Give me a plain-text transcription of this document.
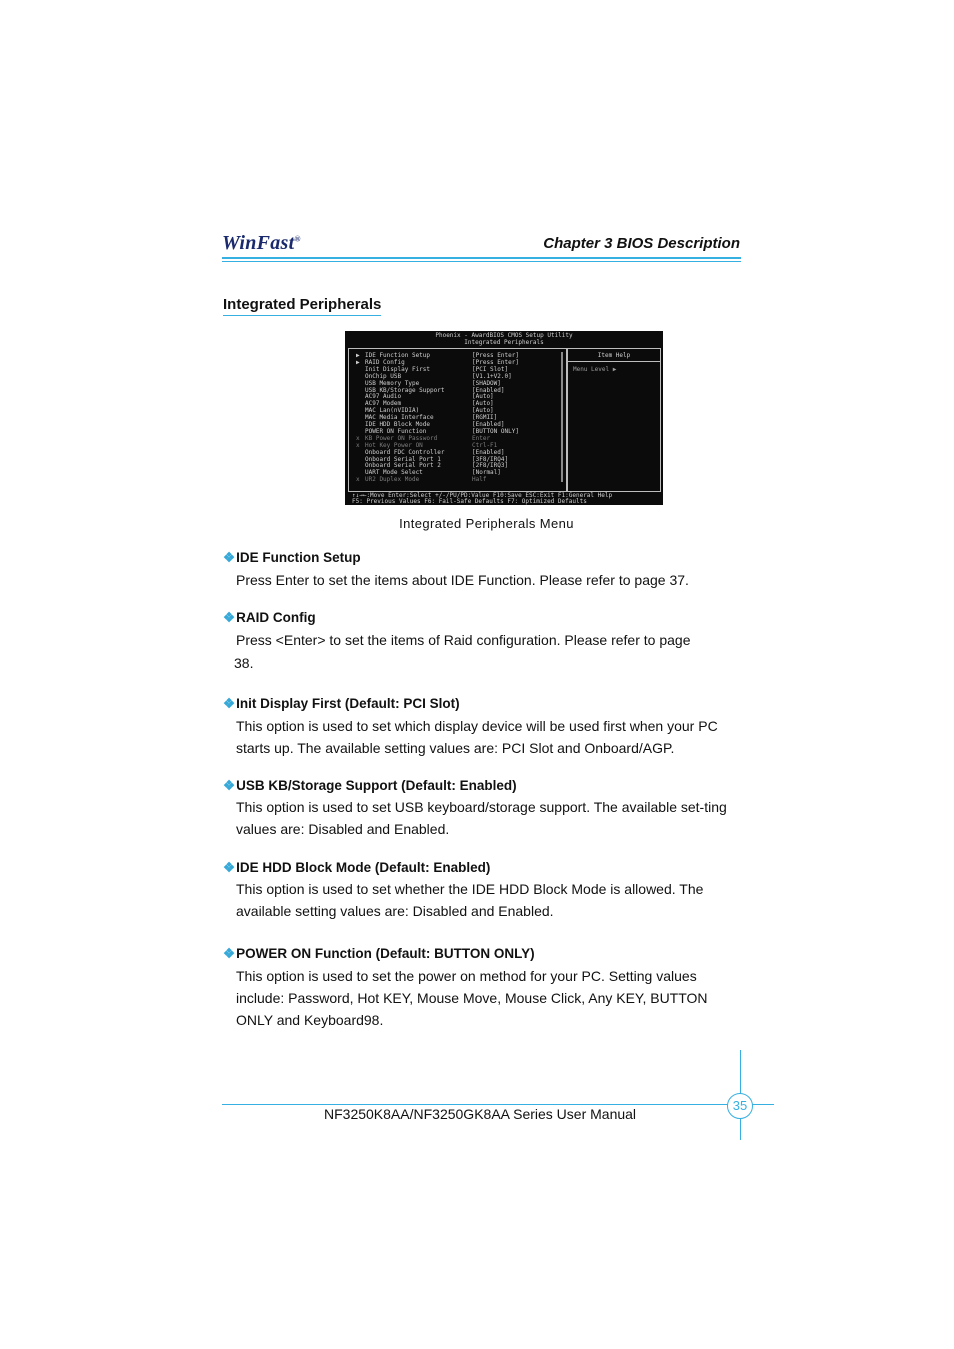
WinFast®	Chapter 3 BIOS Description
Integrated Peripherals
Phoenix - AwardBIOS CMOS Setup Utility
Integrated Peripherals
▶ IDE Function Setup	[Press Enter]
▶ RAID Config	[Press Enter]
Init Display First	[PCI Slot]
OnChip USB	[V1.1+V2.0]
USB Memory Type	[SHADOW]
USB KB/Storage Support	[Enabled]
AC97 Audio	[Auto]
AC97 Modem	[Auto]
MAC Lan(nVIDIA)	[Auto]
MAC Media Interface	[RGMII]
IDE HDD Block Mode	[Enabled]
POWER ON Function	[BUTTON ONLY]
x KB Power ON Password	Enter
x Hot Key Power ON	Ctrl-F1
Onboard FDC Controller	[Enabled]
Onboard Serial Port 1	[3F8/IRQ4]
Onboard Serial Port 2	[2F8/IRQ3]
UART Mode Select	[Normal]
x UR2 Duplex Mode	Half
Item Help
Menu Level ▶
↑↓→←:Move Enter:Select +/-/PU/PD:Value F10:Save ESC:Exit F1:General Help
F5: Previous Values F6: Fail-Safe Defaults F7: Optimized Defaults
Integrated Peripherals Menu
❖IDE Function Setup
Press Enter to set the items about IDE Function. Please refer to page 37.
❖RAID Config
Press <Enter> to set the items of Raid configuration. Please refer to page
38.
❖Init Display First (Default: PCI Slot)
This option is used to set which display device will be used first when your PC starts up. The available setting values are: PCI Slot and Onboard/AGP.
❖USB KB/Storage Support (Default: Enabled)
This option is used to set USB keyboard/storage support. The available set-ting values are: Disabled and Enabled.
❖IDE HDD Block Mode (Default: Enabled)
This option is used to set whether the IDE HDD Block Mode is allowed. The available setting values are: Disabled and Enabled.
❖POWER ON Function (Default: BUTTON ONLY)
This option is used to set the power on method for your PC. Setting values include: Password, Hot KEY, Mouse Move, Mouse Click, Any KEY, BUTTON ONLY and Keyboard98.
35
NF3250K8AA/NF3250GK8AA Series User Manual
